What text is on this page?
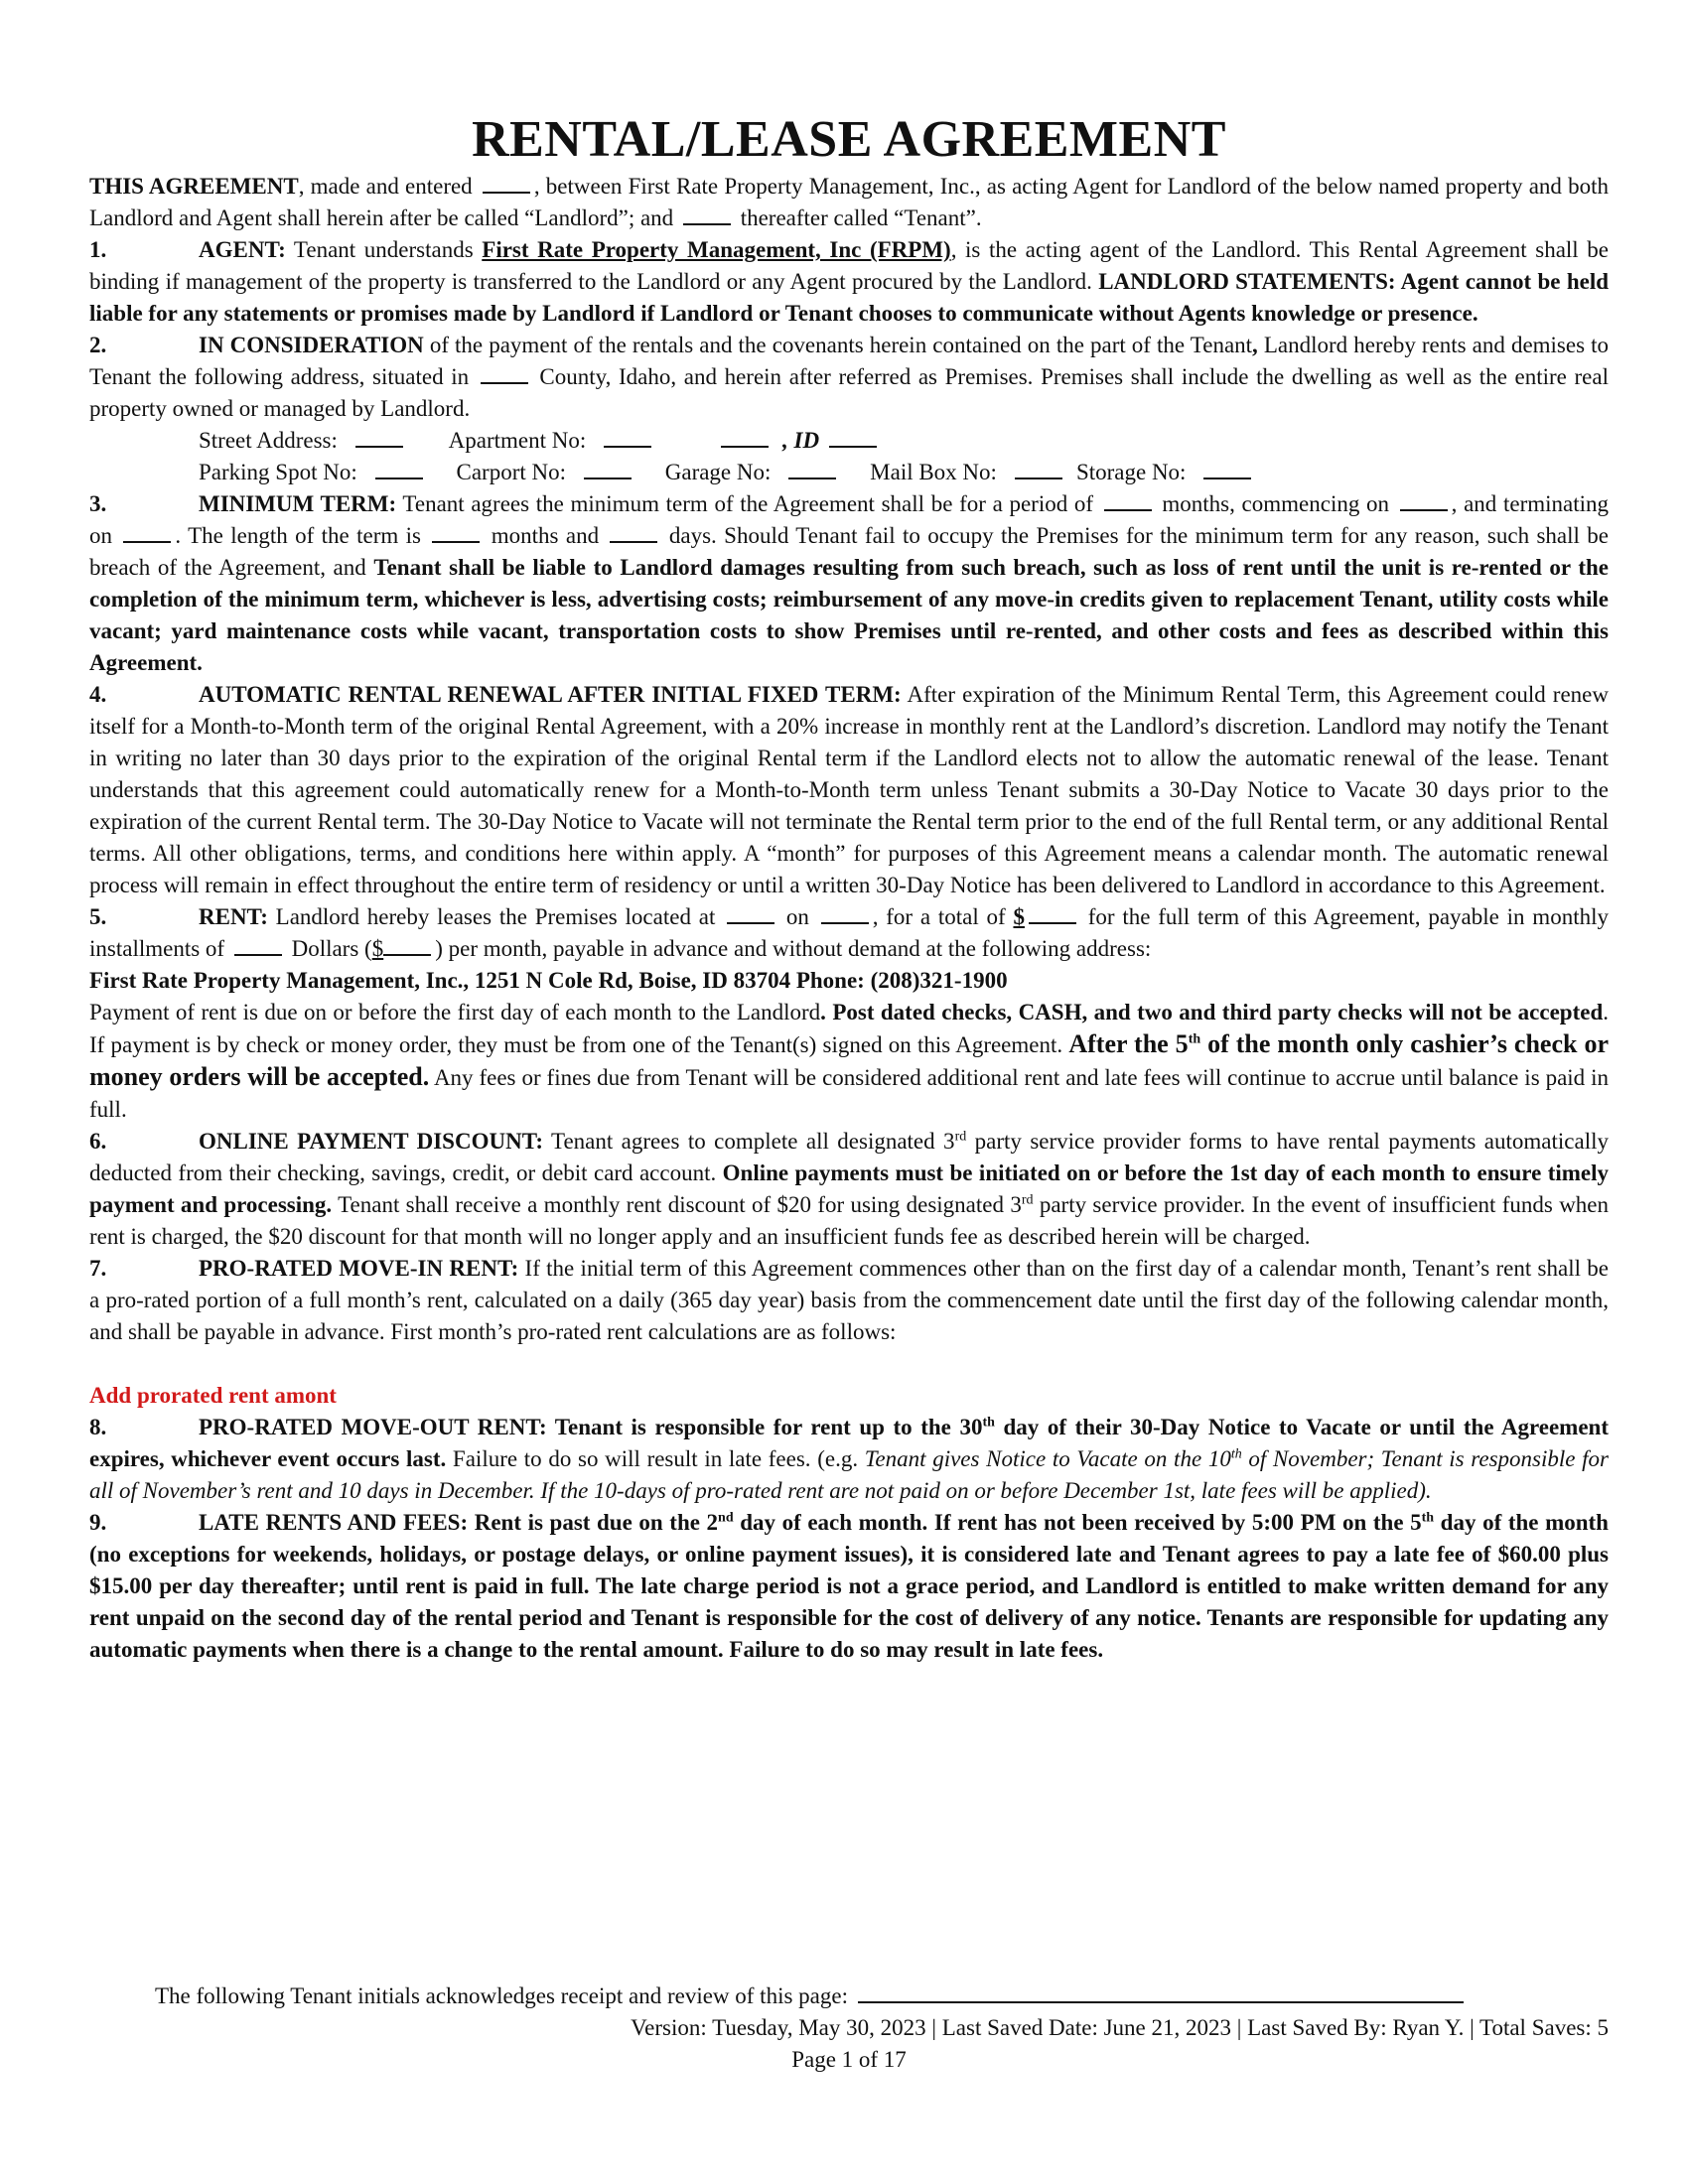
RENTAL/LEASE AGREEMENT

THIS AGREEMENT, made and entered , between First Rate Property Management, Inc., as acting Agent for Landlord of the below named property and both Landlord and Agent shall herein after be called “Landlord”; and  thereafter called “Tenant”.

1.	AGENT: Tenant understands First Rate Property Management, Inc (FRPM), is the acting agent of the Landlord. This Rental Agreement shall be binding if management of the property is transferred to the Landlord or any Agent procured by the Landlord. LANDLORD STATEMENTS: Agent cannot be held liable for any statements or promises made by Landlord if Landlord or Tenant chooses to communicate without Agents knowledge or presence.

2.	IN CONSIDERATION of the payment of the rentals and the covenants herein contained on the part of the Tenant, Landlord hereby rents and demises to Tenant the following address, situated in  County, Idaho, and herein after referred as Premises. Premises shall include the dwelling as well as the entire real property owned or managed by Landlord.

Street Address:	Apartment No:	, ID
Parking Spot No:	Carport No:	Garage No:	Mail Box No:	Storage No:

3.	MINIMUM TERM: Tenant agrees the minimum term of the Agreement shall be for a period of  months, commencing on , and terminating on . The length of the term is  months and  days. Should Tenant fail to occupy the Premises for the minimum term for any reason, such shall be breach of the Agreement, and Tenant shall be liable to Landlord damages resulting from such breach, such as loss of rent until the unit is re-rented or the completion of the minimum term, whichever is less, advertising costs; reimbursement of any move-in credits given to replacement Tenant, utility costs while vacant; yard maintenance costs while vacant, transportation costs to show Premises until re-rented, and other costs and fees as described within this Agreement.

4.	AUTOMATIC RENTAL RENEWAL AFTER INITIAL FIXED TERM: After expiration of the Minimum Rental Term, this Agreement could renew itself for a Month-to-Month term of the original Rental Agreement, with a 20% increase in monthly rent at the Landlord’s discretion. Landlord may notify the Tenant in writing no later than 30 days prior to the expiration of the original Rental term if the Landlord elects not to allow the automatic renewal of the lease. Tenant understands that this agreement could automatically renew for a Month-to-Month term unless Tenant submits a 30-Day Notice to Vacate 30 days prior to the expiration of the current Rental term. The 30-Day Notice to Vacate will not terminate the Rental term prior to the end of the full Rental term, or any additional Rental terms. All other obligations, terms, and conditions here within apply. A “month” for purposes of this Agreement means a calendar month. The automatic renewal process will remain in effect throughout the entire term of residency or until a written 30-Day Notice has been delivered to Landlord in accordance to this Agreement.

5.	RENT: Landlord hereby leases the Premises located at  on , for a total of $ for the full term of this Agreement, payable in monthly installments of  Dollars ($ ) per month, payable in advance and without demand at the following address:

First Rate Property Management, Inc., 1251 N Cole Rd, Boise, ID 83704 Phone: (208)321-1900

Payment of rent is due on or before the first day of each month to the Landlord. Post dated checks, CASH, and two and third party checks will not be accepted. If payment is by check or money order, they must be from one of the Tenant(s) signed on this Agreement. After the 5th of the month only cashier’s check or money orders will be accepted. Any fees or fines due from Tenant will be considered additional rent and late fees will continue to accrue until balance is paid in full.

6.	ONLINE PAYMENT DISCOUNT: Tenant agrees to complete all designated 3rd party service provider forms to have rental payments automatically deducted from their checking, savings, credit, or debit card account. Online payments must be initiated on or before the 1st day of each month to ensure timely payment and processing. Tenant shall receive a monthly rent discount of $20 for using designated 3rd party service provider. In the event of insufficient funds when rent is charged, the $20 discount for that month will no longer apply and an insufficient funds fee as described herein will be charged.

7.	PRO-RATED MOVE-IN RENT: If the initial term of this Agreement commences other than on the first day of a calendar month, Tenant’s rent shall be a pro-rated portion of a full month’s rent, calculated on a daily (365 day year) basis from the commencement date until the first day of the following calendar month, and shall be payable in advance. First month’s pro-rated rent calculations are as follows:

Add prorated rent amont

8.	PRO-RATED MOVE-OUT RENT: Tenant is responsible for rent up to the 30th day of their 30-Day Notice to Vacate or until the Agreement expires, whichever event occurs last. Failure to do so will result in late fees. (e.g. Tenant gives Notice to Vacate on the 10th of November; Tenant is responsible for all of November’s rent and 10 days in December. If the 10-days of pro-rated rent are not paid on or before December 1st, late fees will be applied).

9.	LATE RENTS AND FEES: Rent is past due on the 2nd day of each month. If rent has not been received by 5:00 PM on the 5th day of the month (no exceptions for weekends, holidays, or postage delays, or online payment issues), it is considered late and Tenant agrees to pay a late fee of $60.00 plus $15.00 per day thereafter; until rent is paid in full. The late charge period is not a grace period, and Landlord is entitled to make written demand for any rent unpaid on the second day of the rental period and Tenant is responsible for the cost of delivery of any notice. Tenants are responsible for updating any automatic payments when there is a change to the rental amount. Failure to do so may result in late fees.

The following Tenant initials acknowledges receipt and review of this page:
Version: Tuesday, May 30, 2023 | Last Saved Date: June 21, 2023 | Last Saved By: Ryan Y. | Total Saves: 5
Page 1 of 17
